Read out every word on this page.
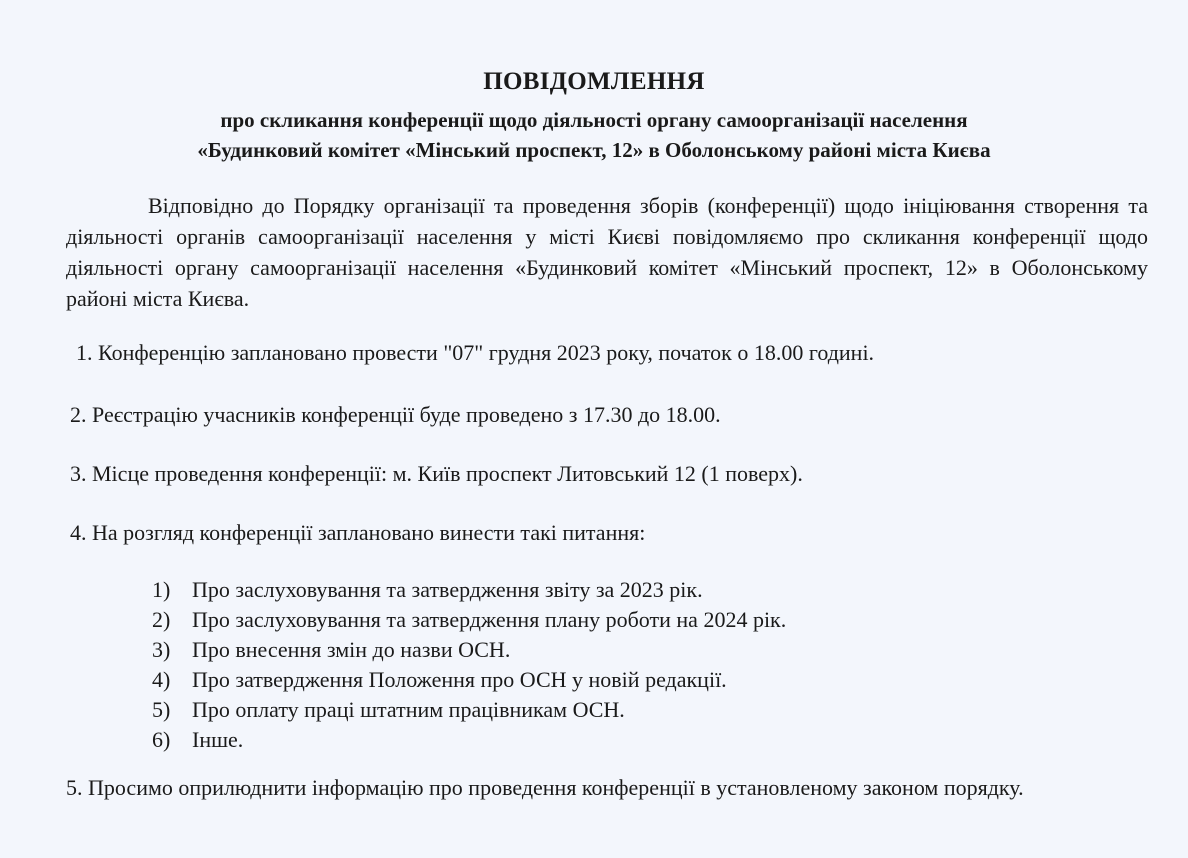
ПОВІДОМЛЕННЯ
про скликання конференції щодо діяльності органу самоорганізації населення
«Будинковий комітет «Мінський проспект, 12» в Оболонському районі міста Києва

Відповідно до Порядку організації та проведення зборів (конференції) щодо ініціювання створення та діяльності органів самоорганізації населення у місті Києві повідомляємо про скликання конференції щодо діяльності органу самоорганізації населення «Будинковий комітет «Мінський проспект, 12» в Оболонському районі міста Києва.

1. Конференцію заплановано провести "07" грудня 2023 року, початок о 18.00 годині.

2. Реєстрацію учасників конференції буде проведено з 17.30 до 18.00.

3. Місце проведення конференції: м. Київ проспект Литовський 12 (1 поверх).

4. На розгляд конференції заплановано винести такі питання:

1) Про заслуховування та затвердження звіту за 2023 рік.
2) Про заслуховування та затвердження плану роботи на 2024 рік.
3) Про внесення змін до назви ОСН.
4) Про затвердження Положення про ОСН у новій редакції.
5) Про оплату праці штатним працівникам ОСН.
6) Інше.

5. Просимо оприлюднити інформацію про проведення конференції в установленому законом порядку.
